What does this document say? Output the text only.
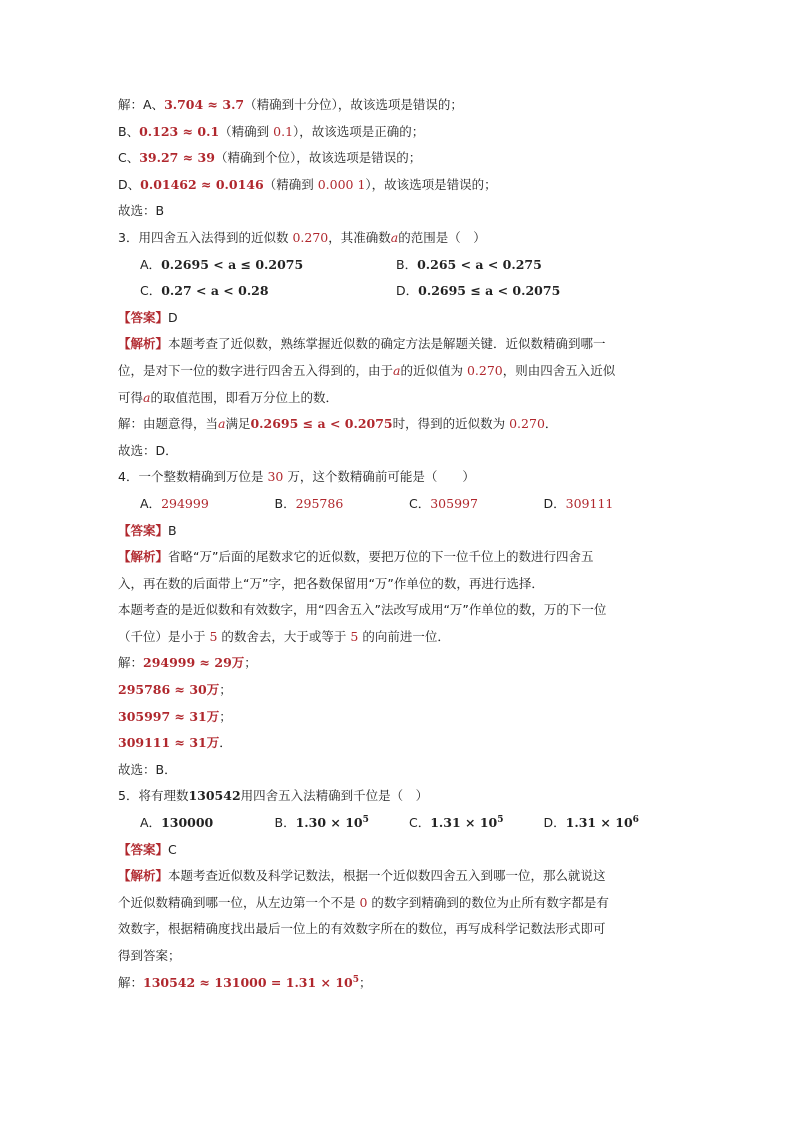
解：A、3.704 ≈ 3.7（精确到十分位），故该选项是错误的；
B、0.123 ≈ 0.1（精确到 0.1），故该选项是正确的；
C、39.27 ≈ 39（精确到个位），故该选项是错误的；
D、0.01462 ≈ 0.0146（精确到 0.000 1），故该选项是错误的；
故选：B
3．用四舍五入法得到的近似数 0.270，其准确数a的范围是（　）
A．0.2695 < a ≤ 0.2075	B．0.265 < a < 0.275
C．0.27 < a < 0.28	D．0.2695 ≤ a < 0.2075
【答案】D
【解析】本题考查了近似数，熟练掌握近似数的确定方法是解题关键．近似数精确到哪一
位，是对下一位的数字进行四舍五入得到的，由于a的近似值为 0.270，则由四舍五入近似
可得a的取值范围，即看万分位上的数．
解：由题意得，当a满足0.2695 ≤ a < 0.2075时，得到的近似数为 0.270．
故选：D．
4．一个整数精确到万位是 30 万，这个数精确前可能是（　　）
A．294999	B．295786	C．305997	D．309111
【答案】B
【解析】省略“万”后面的尾数求它的近似数，要把万位的下一位千位上的数进行四舍五
入，再在数的后面带上“万”字，把各数保留用“万”作单位的数，再进行选择．
本题考查的是近似数和有效数字，用“四舍五入”法改写成用“万”作单位的数，万的下一位
（千位）是小于 5 的数舍去，大于或等于 5 的向前进一位．
解：294999 ≈ 29万；
295786 ≈ 30万；
305997 ≈ 31万；
309111 ≈ 31万．
故选：B．
5．将有理数130542用四舍五入法精确到千位是（　）
A．130000	B．$1.30 \times 10^5$	C．$1.31 \times 10^5$	D．$1.31 \times 10^6$
【答案】C
【解析】本题考查近似数及科学记数法，根据一个近似数四舍五入到哪一位，那么就说这
个近似数精确到哪一位，从左边第一个不是 0 的数字到精确到的数位为止所有数字都是有
效数字，根据精确度找出最后一位上的有效数字所在的数位，再写成科学记数法形式即可
得到答案；
解：$130542 \approx 131000 = 1.31 \times 10^5$；
